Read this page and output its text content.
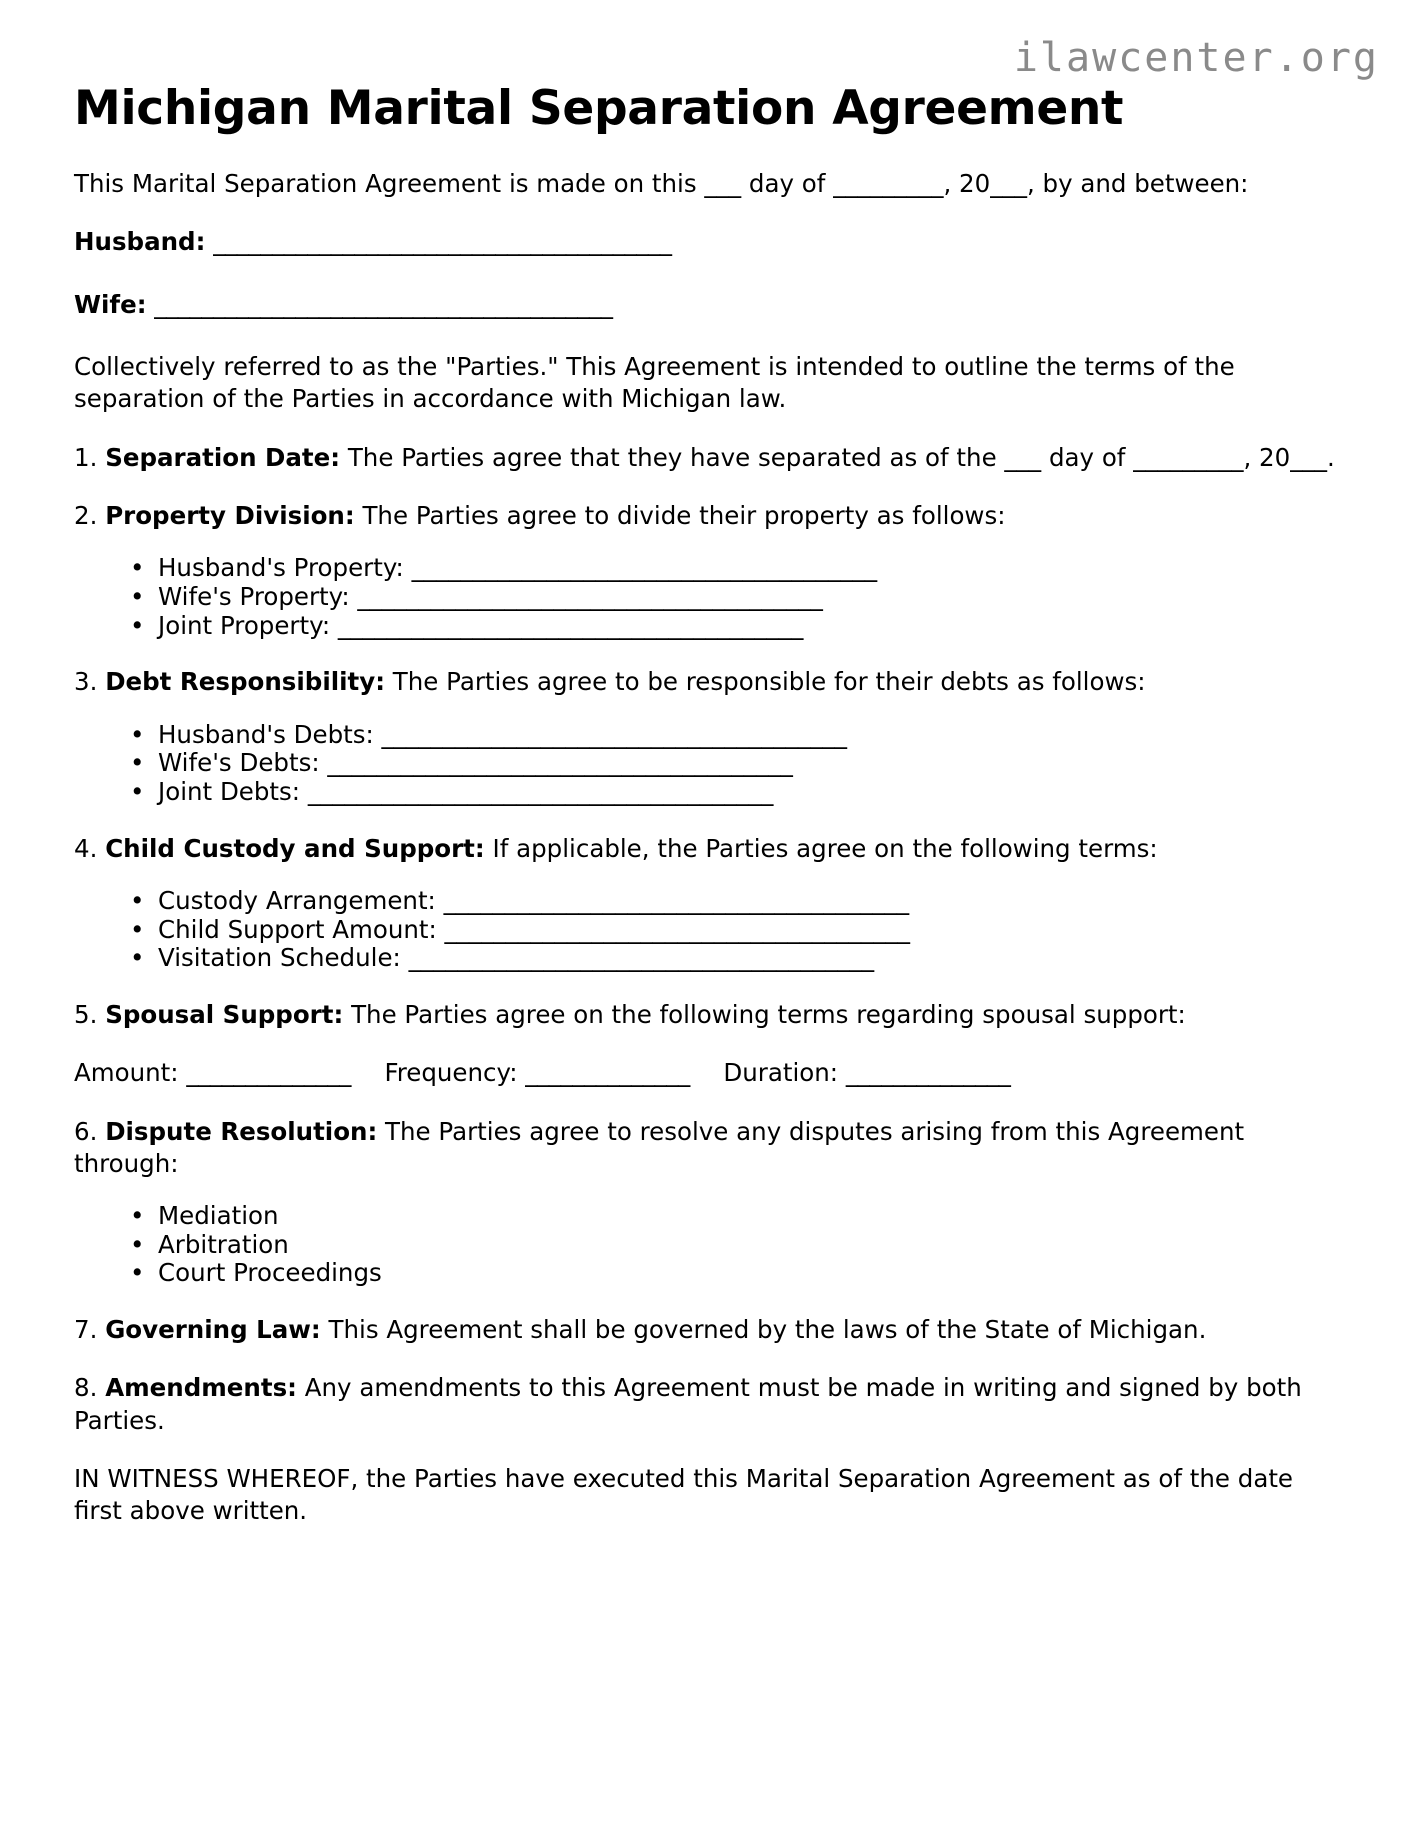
ilawcenter.org
Michigan Marital Separation Agreement

This Marital Separation Agreement is made on this ___ day of _________, 20___, by and between:

Husband: _______________________________________
Wife: _______________________________________

Collectively referred to as the "Parties." This Agreement is intended to outline the terms of the separation of the Parties in accordance with Michigan law.

1. Separation Date: The Parties agree that they have separated as of the ___ day of _________, 20___.

2. Property Division: The Parties agree to divide their property as follows:

• Husband's Property: ______________________________________
• Wife's Property: ______________________________________
• Joint Property: ______________________________________

3. Debt Responsibility: The Parties agree to be responsible for their debts as follows:

• Husband's Debts: ______________________________________
• Wife's Debts: ______________________________________
• Joint Debts: ______________________________________

4. Child Custody and Support: If applicable, the Parties agree on the following terms:

• Custody Arrangement: ______________________________________
• Child Support Amount: ______________________________________
• Visitation Schedule: ______________________________________

5. Spousal Support: The Parties agree on the following terms regarding spousal support:

Amount: ______________ Frequency: ______________ Duration: ______________

6. Dispute Resolution: The Parties agree to resolve any disputes arising from this Agreement through:

• Mediation
• Arbitration
• Court Proceedings

7. Governing Law: This Agreement shall be governed by the laws of the State of Michigan.

8. Amendments: Any amendments to this Agreement must be made in writing and signed by both Parties.

IN WITNESS WHEREOF, the Parties have executed this Marital Separation Agreement as of the date first above written.
